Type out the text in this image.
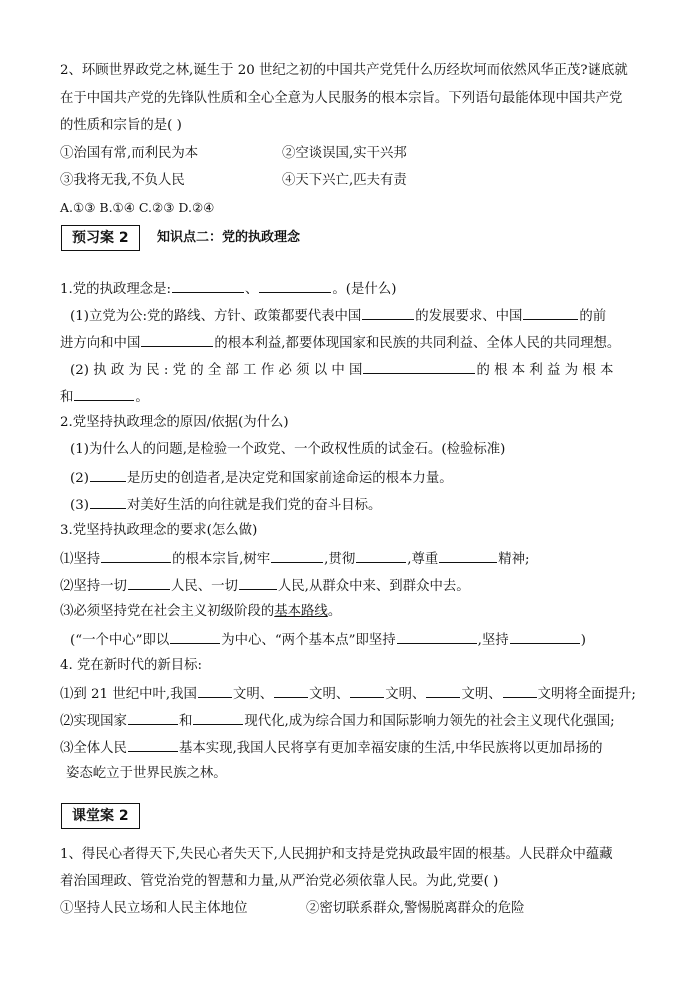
2、环顾世界政党之林,诞生于 20 世纪之初的中国共产党凭什么历经坎坷而依然风华正茂?谜底就
在于中国共产党的先锋队性质和全心全意为人民服务的根本宗旨。下列语句最能体现中国共产党
的性质和宗旨的是( )
①治国有常,而利民为本	②空谈误国,实干兴邦
③我将无我,不负人民	④天下兴亡,匹夫有责
A.①③ B.①④ C.②③ D.②④
预习案 2	知识点二：党的执政理念
1.党的执政理念是:	、	。(是什么)
(1)立党为公:党的路线、方针、政策都要代表中国	的发展要求、中国	的前
进方向和中国	的根本利益,都要体现国家和民族的共同利益、全体人民的共同理想。
(2) 执 政 为 民 : 党 的 全 部 工 作 必 须 以 中 国	的 根 本 利 益 为 根 本
和	。
2.党坚持执政理念的原因/依据(为什么)
(1)为什么人的问题,是检验一个政党、一个政权性质的试金石。(检验标准)
(2)	是历史的创造者,是决定党和国家前途命运的根本力量。
(3)	对美好生活的向往就是我们党的奋斗目标。
3.党坚持执政理念的要求(怎么做)
⑴坚持	的根本宗旨,树牢	,贯彻	,尊重	精神;
⑵坚持一切	人民、一切	人民,从群众中来、到群众中去。
⑶必须坚持党在社会主义初级阶段的基本路线。
(“一个中心”即以	为中心、“两个基本点”即坚持	,坚持	)
4. 党在新时代的新目标:
⑴到 21 世纪中叶,我国	文明、	文明、	文明、	文明、	文明将全面提升;
⑵实现国家	和	现代化,成为综合国力和国际影响力领先的社会主义现代化强国;
⑶全体人民	基本实现,我国人民将享有更加幸福安康的生活,中华民族将以更加昂扬的
姿态屹立于世界民族之林。
课堂案 2
1、得民心者得天下,失民心者失天下,人民拥护和支持是党执政最牢固的根基。人民群众中蕴藏
着治国理政、管党治党的智慧和力量,从严治党必须依靠人民。为此,党要( )
①坚持人民立场和人民主体地位	②密切联系群众,警惕脱离群众的危险
